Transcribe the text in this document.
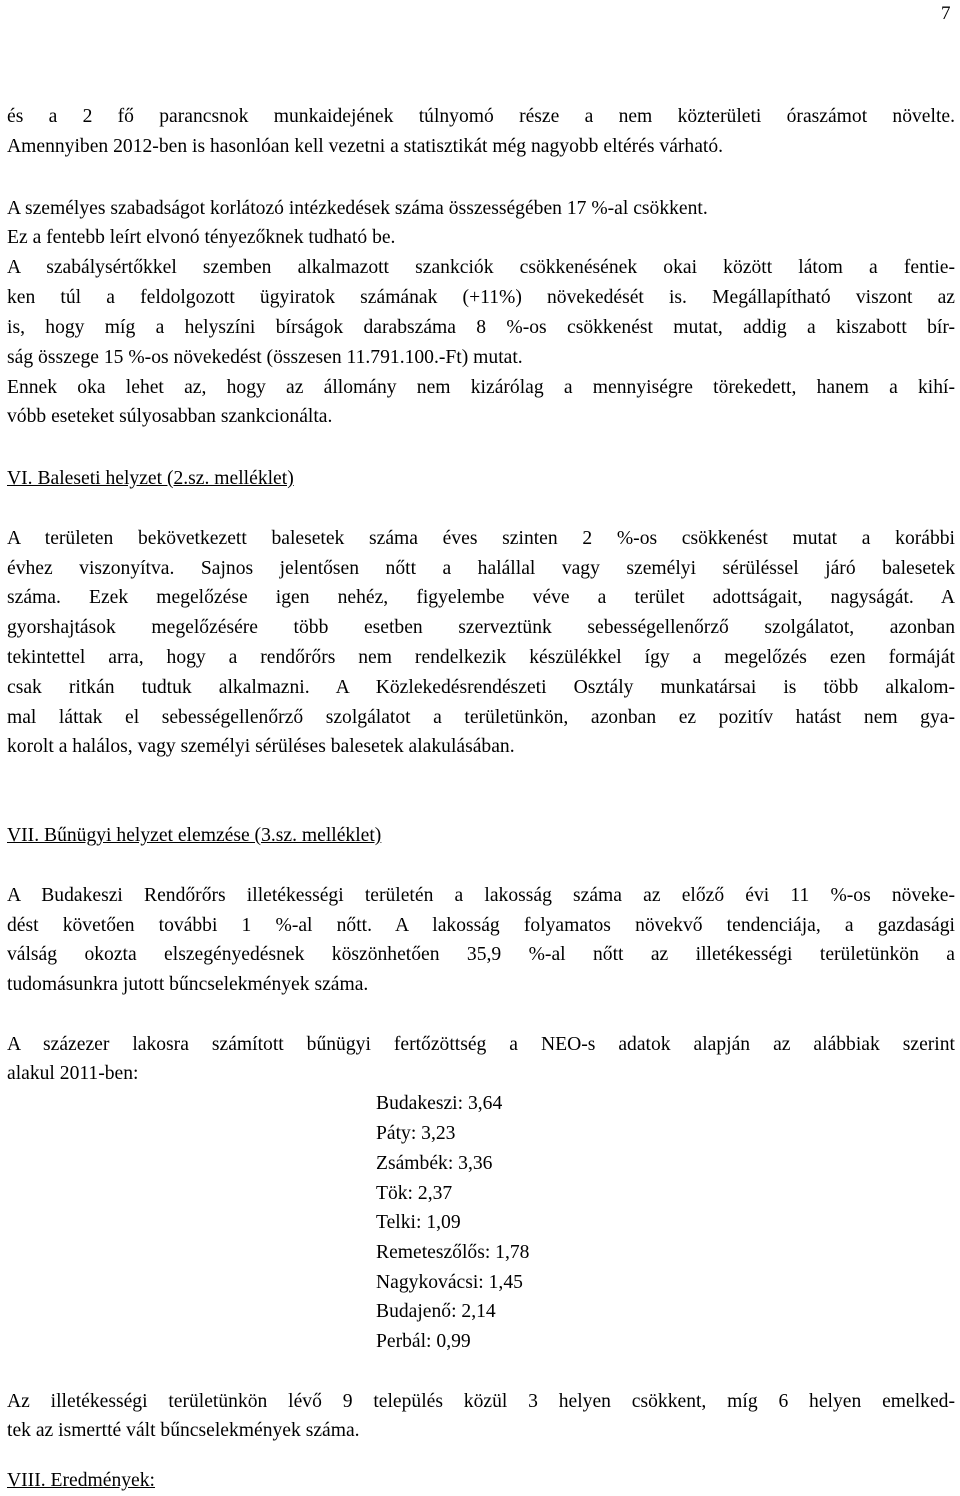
7
és a 2 fő parancsnok munkaidejének túlnyomó része a nem közterületi óraszámot növelte.
Amennyiben 2012-ben is hasonlóan kell vezetni a statisztikát még nagyobb eltérés várható.
A személyes szabadságot korlátozó intézkedések száma összességében 17 %-al csökkent.
Ez a fentebb leírt elvonó tényezőknek tudható be.
A szabálysértőkkel szemben alkalmazott szankciók csökkenésének okai között látom a fentie-
ken túl a feldolgozott ügyiratok számának (+11%) növekedését is. Megállapítható viszont az
is, hogy míg a helyszíni bírságok darabszáma 8 %-os csökkenést mutat, addig a kiszabott bír-
ság összege 15 %-os növekedést (összesen 11.791.100.-Ft) mutat.
Ennek oka lehet az, hogy az állomány nem kizárólag a mennyiségre törekedett, hanem a kihí-
vóbb eseteket súlyosabban szankcionálta.
VI. Baleseti helyzet (2.sz. melléklet)
A területen bekövetkezett balesetek száma éves szinten 2 %-os csökkenést mutat a korábbi
évhez viszonyítva. Sajnos jelentősen nőtt a halállal vagy személyi sérüléssel járó balesetek
száma. Ezek megelőzése igen nehéz, figyelembe véve a terület adottságait, nagyságát. A
gyorshajtások megelőzésére több esetben szerveztünk sebességellenőrző szolgálatot, azonban
tekintettel arra, hogy a rendőrőrs nem rendelkezik készülékkel így a megelőzés ezen formáját
csak ritkán tudtuk alkalmazni. A Közlekedésrendészeti Osztály munkatársai is több alkalom-
mal láttak el sebességellenőrző szolgálatot a területünkön, azonban ez pozitív hatást nem gya-
korolt a halálos, vagy személyi sérüléses balesetek alakulásában.
VII. Bűnügyi helyzet elemzése (3.sz. melléklet)
A Budakeszi Rendőrőrs illetékességi területén a lakosság száma az előző évi 11 %-os növeke-
dést követően további 1 %-al nőtt. A lakosság folyamatos növekvő tendenciája, a gazdasági
válság okozta elszegényedésnek köszönhetően 35,9 %-al nőtt az illetékességi területünkön a
tudomásunkra jutott bűncselekmények száma.
A százezer lakosra számított bűnügyi fertőzöttség a NEO-s adatok alapján az alábbiak szerint
alakul 2011-ben:
Budakeszi: 3,64
Páty: 3,23
Zsámbék: 3,36
Tök: 2,37
Telki: 1,09
Remeteszőlős: 1,78
Nagykovácsi: 1,45
Budajenő: 2,14
Perbál: 0,99
Az illetékességi területünkön lévő 9 település közül 3 helyen csökkent, míg 6 helyen emelked-
tek az ismertté vált bűncselekmények száma.
VIII. Eredmények:
